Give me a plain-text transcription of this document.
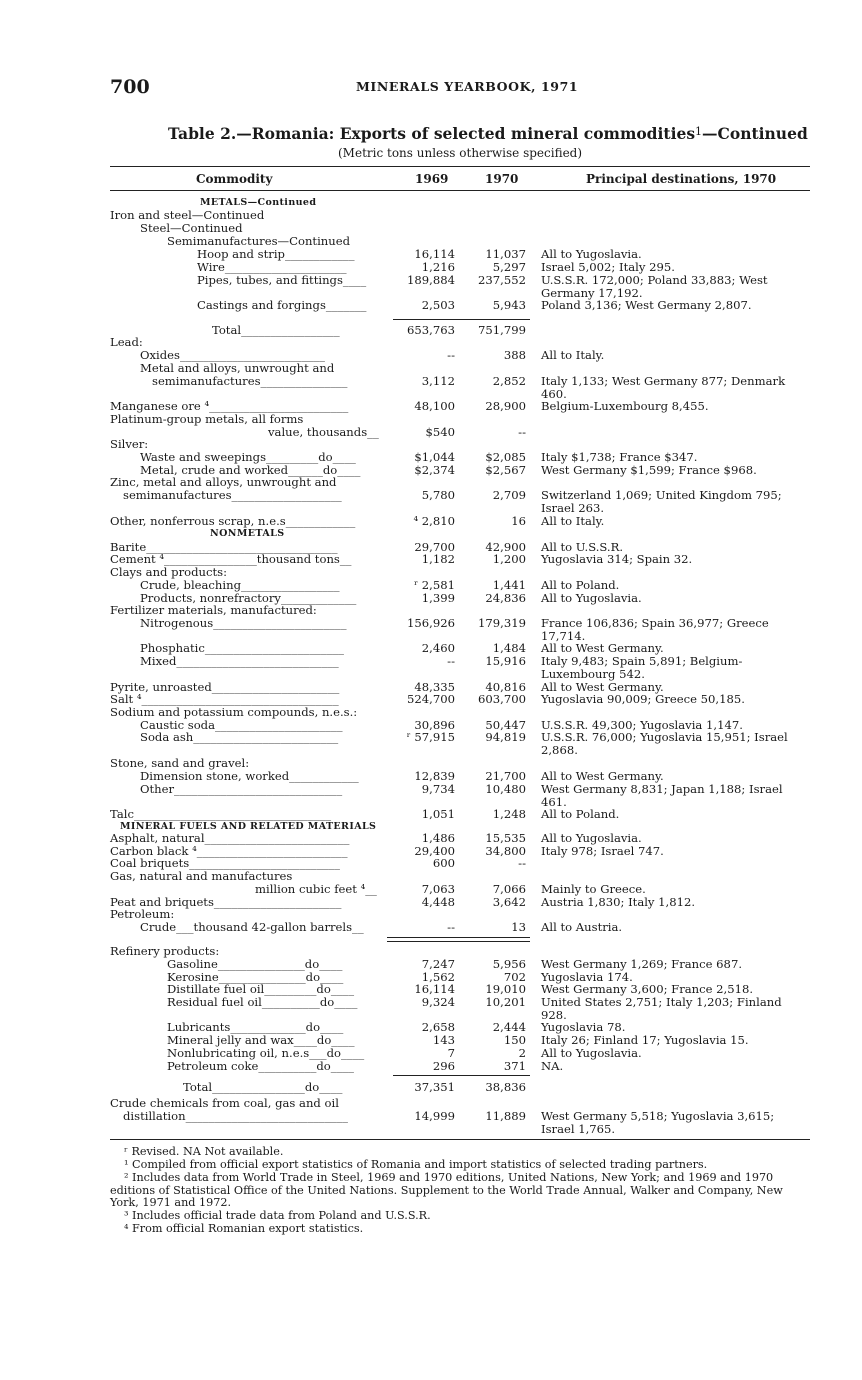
700	MINERALS YEARBOOK, 1971
Table 2.—Romania: Exports of selected mineral commodities$^1$—Continued
(Metric tons unless otherwise specified)
Commodity	1969	1970	Principal destinations, 1970
METALS—Continued
Iron and steel—Continued
Steel—Continued
Semimanufactures—Continued
Hoop and strip____________	16,114	11,037 All to Yugoslavia.
Wire_____________________	1,216	5,297 Israel 5,002; Italy 295.
Pipes, tubes, and fittings____	189,884 237,552 U.S.S.R. 172,000; Poland 33,883; West Germany 17,192.
Castings and forgings_______	2,503	5,943 Poland 3,136; West Germany 2,807.
Total_________________	653,763 751,799
Lead:
Oxides_________________________	--	388 All to Italy.
Metal and alloys, unwrought and
semimanufactures_______________	3,112	2,852 Italy 1,133; West Germany 877; Denmark 460.
Manganese ore ⁴________________________	48,100	28,900 Belgium-Luxembourg 8,455.
Platinum-group metals, all forms
value, thousands__	$540	--
Silver:
Waste and sweepings_________do____	$1,044	$2,085 Italy $1,738; France $347.
Metal, crude and worked______do____	$2,374	$2,567 West Germany $1,599; France $968.
Zinc, metal and alloys, unwrought and
semimanufactures___________________	5,780	2,709 Switzerland 1,069; United Kingdom 795; Israel 263.
Other, nonferrous scrap, n.e.s____________	⁴ 2,810	16 All to Italy.
NONMETALS
Barite_________________________________	29,700	42,900 All to U.S.S.R.
Cement ⁴________________thousand tons__	1,182	1,200 Yugoslavia 314; Spain 32.
Clays and products:
Crude, bleaching_________________	ʳ 2,581	1,441 All to Poland.
Products, nonrefractory_____________	1,399	24,836 All to Yugoslavia.
Fertilizer materials, manufactured:
Nitrogenous_______________________	156,926 179,319 France 106,836; Spain 36,977; Greece 17,714.
Phosphatic________________________	2,460	1,484 All to West Germany.
Mixed____________________________	--	15,916 Italy 9,483; Spain 5,891; Belgium-Luxembourg 542.
Pyrite, unroasted______________________	48,335	40,816 All to West Germany.
Salt ⁴__________________________________	524,700 603,700 Yugoslavia 90,009; Greece 50,185.
Sodium and potassium compounds, n.e.s.:
Caustic soda______________________	30,896	50,447 U.S.S.R. 49,300; Yugoslavia 1,147.
Soda ash_________________________	ʳ 57,915	94,819 U.S.S.R. 76,000; Yugoslavia 15,951; Israel 2,868.
Stone, sand and gravel:
Dimension stone, worked____________	12,839	21,700 All to West Germany.
Other_____________________________	9,734	10,480 West Germany 8,831; Japan 1,188; Israel 461.
Talc__________________________________	1,051	1,248 All to Poland.
MINERAL FUELS AND RELATED MATERIALS
Asphalt, natural_________________________	1,486	15,535 All to Yugoslavia.
Carbon black ⁴__________________________	29,400	34,800 Italy 978; Israel 747.
Coal briquets__________________________	600	--
Gas, natural and manufactures
million cubic feet ⁴__	7,063	7,066 Mainly to Greece.
Peat and briquets______________________	4,448	3,642 Austria 1,830; Italy 1,812.
Petroleum:
Crude___thousand 42-gallon barrels__	--	13 All to Austria.
Refinery products:
Gasoline_______________do____	7,247	5,956 West Germany 1,269; France 687.
Kerosine_______________do____	1,562	702 Yugoslavia 174.
Distillate fuel oil_________do____	16,114	19,010 West Germany 3,600; France 2,518.
Residual fuel oil__________do____	9,324	10,201 United States 2,751; Italy 1,203; Finland 928.
Lubricants_____________do____	2,658	2,444 Yugoslavia 78.
Mineral jelly and wax____do____	143	150 Italy 26; Finland 17; Yugoslavia 15.
Nonlubricating oil, n.e.s___do____	7	2 All to Yugoslavia.
Petroleum coke__________do____	296	371 NA.
Total________________do____	37,351	38,836
Crude chemicals from coal, gas and oil
distillation____________________________	14,999	11,889 West Germany 5,518; Yugoslavia 3,615; Israel 1,765.
ʳ Revised. NA Not available.
¹ Compiled from official export statistics of Romania and import statistics of selected trading partners.
² Includes data from World Trade in Steel, 1969 and 1970 editions, United Nations, New York; and 1969 and 1970 editions of Statistical Office of the United Nations. Supplement to the World Trade Annual, Walker and Company, New York, 1971 and 1972.
³ Includes official trade data from Poland and U.S.S.R.
⁴ From official Romanian export statistics.
